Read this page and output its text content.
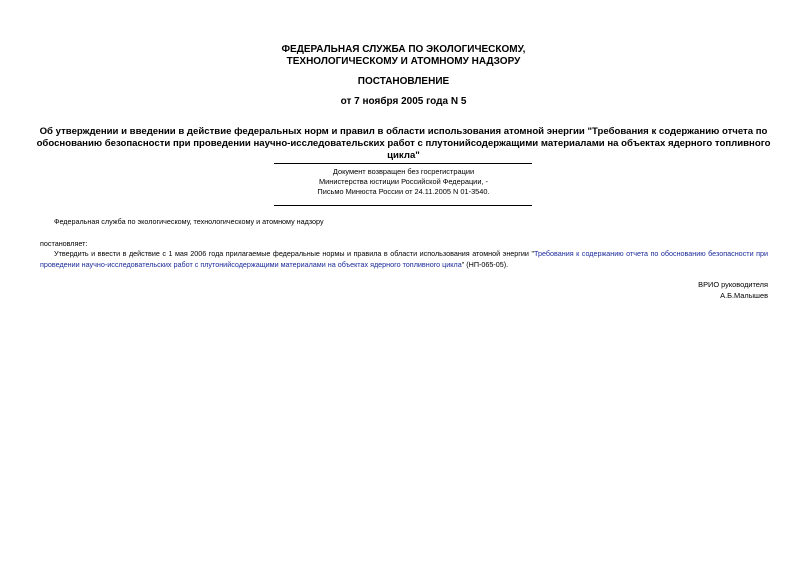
ФЕДЕРАЛЬНАЯ СЛУЖБА ПО ЭКОЛОГИЧЕСКОМУ,
ТЕХНОЛОГИЧЕСКОМУ И АТОМНОМУ НАДЗОРУ
ПОСТАНОВЛЕНИЕ
от 7 ноября 2005 года N 5
Об утверждении и введении в действие федеральных норм и правил в области использования атомной энергии "Требования к содержанию отчета по
обоснованию безопасности при проведении научно-исследовательских работ с плутонийсодержащими материалами на объектах ядерного топливного цикла"
Документ возвращен без госрегистрации
Министерства юстиции Российской Федерации, -
Письмо Минюста России от 24.11.2005 N 01-3540.
Федеральная служба по экологическому, технологическому и атомному надзору
постановляет:
Утвердить и ввести в действие с 1 мая 2006 года прилагаемые федеральные нормы и правила в области использования атомной энергии "Требования к содержанию отчета по обоснованию безопасности при проведении научно-исследовательских работ с плутонийсодержащими материалами на объектах ядерного топливного цикла" (НП-065-05).
ВРИО руководителя
А.Б.Малышев
